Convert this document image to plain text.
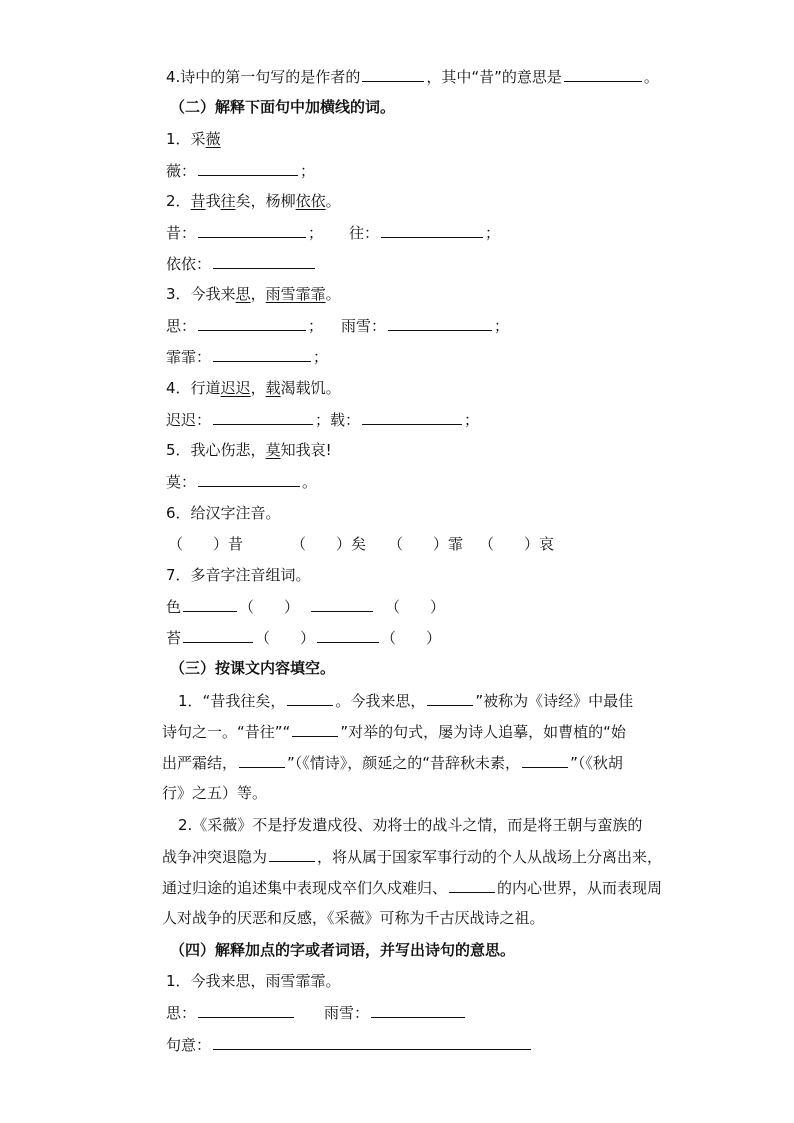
4.诗中的第一句写的是作者的	，其中“昔”的意思是	。
（二）解释下面句中加横线的词。
1．采薇
薇：	；
2．昔我往矣，杨柳依依。
昔：	； 往：	；
依依：
3．今我来思，雨雪霏霏。
思：	； 雨雪：	；
霏霏：	；
4．行道迟迟，载渴载饥。
迟迟：	；载：	；
5．我心伤悲，莫知我哀!
莫：	。
6．给汉字注音。
（　　）昔	（　　）矣 （　　）霏 （　　）哀
7．多音字注音组词。
色	（　　）	（　　）
苔	（　　）	（　　）
（三）按课文内容填空。
1．“昔我往矣，	。今我来思，	”被称为《诗经》中最佳
诗句之一。“昔往”“	”对举的句式，屡为诗人追摹，如曹植的“始
出严霜结，	”（《情诗》，颜延之的“昔辞秋未素，	”（《秋胡
行》之五）等。
2.《采薇》不是抒发遣戍役、劝将士的战斗之情，而是将王朝与蛮族的
战争冲突退隐为	，将从属于国家军事行动的个人从战场上分离出来，
通过归途的追述集中表现戍卒们久戍难归、	的内心世界，从而表现周
人对战争的厌恶和反感，《采薇》可称为千古厌战诗之祖。
（四）解释加点的字或者词语，并写出诗句的意思。
1．今我来思，雨雪霏霏。
思：	雨雪：
句意：
